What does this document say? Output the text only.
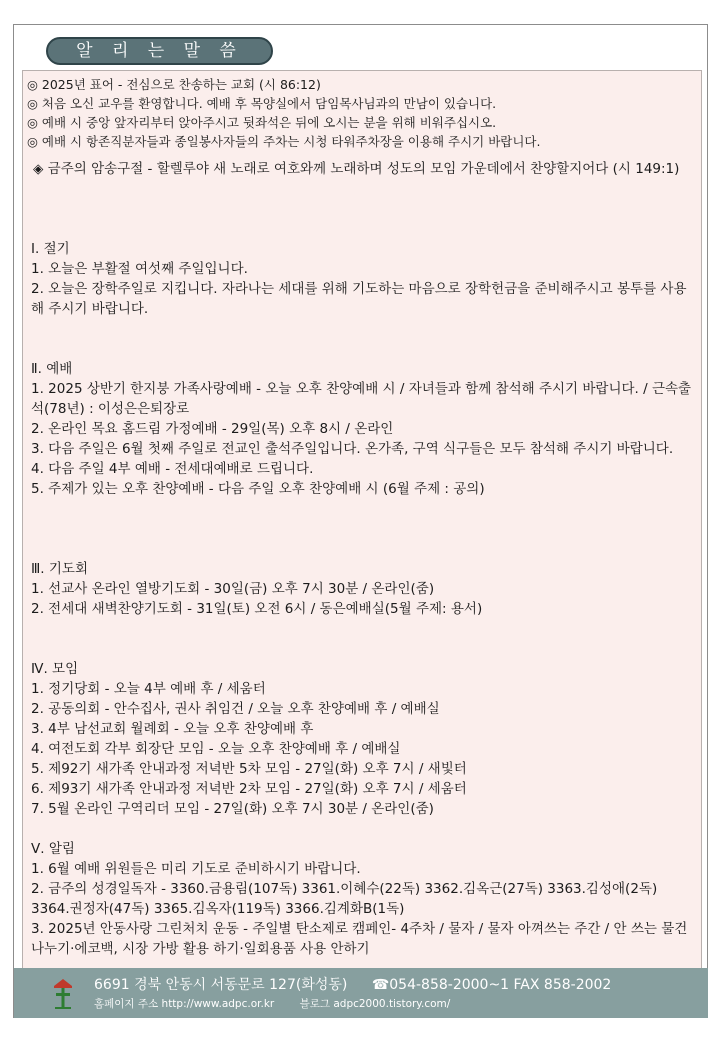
알 리 는 말 씀
◎ 2025년 표어 - 전심으로 찬송하는 교회 (시 86:12)
◎ 처음 오신 교우를 환영합니다. 예배 후 목양실에서 담임목사님과의 만남이 있습니다.
◎ 예배 시 중앙 앞자리부터 앉아주시고 뒷좌석은 뒤에 오시는 분을 위해 비워주십시오.
◎ 예배 시 항존직분자들과 종일봉사자들의 주차는 시청 타워주차장을 이용해 주시기 바랍니다.
◈ 금주의 암송구절 - 할렐루야 새 노래로 여호와께 노래하며 성도의 모임 가운데에서 찬양할지어다 (시 149:1)
Ⅰ. 절기
1. 오늘은 부활절 여섯째 주일입니다.
2. 오늘은 장학주일로 지킵니다. 자라나는 세대를 위해 기도하는 마음으로 장학헌금을 준비해주시고 봉투를 사용해 주시기 바랍니다.
Ⅱ. 예배
1. 2025 상반기 한지붕 가족사랑예배 - 오늘 오후 찬양예배 시 / 자녀들과 함께 참석해 주시기 바랍니다. / 근속출석(78년) : 이성은은퇴장로
2. 온라인 목요 홈드림 가정예배 - 29일(목) 오후 8시 / 온라인
3. 다음 주일은 6월 첫째 주일로 전교인 출석주일입니다. 온가족, 구역 식구들은 모두 참석해 주시기 바랍니다.
4. 다음 주일 4부 예배 - 전세대예배로 드립니다.
5. 주제가 있는 오후 찬양예배 - 다음 주일 오후 찬양예배 시 (6월 주제 : 공의)
Ⅲ. 기도회
1. 선교사 온라인 열방기도회 - 30일(금) 오후 7시 30분 / 온라인(줌)
2. 전세대 새벽찬양기도회 - 31일(토) 오전 6시 / 동은예배실(5월 주제: 용서)
Ⅳ. 모임
1. 정기당회 - 오늘 4부 예배 후 / 세움터
2. 공동의회 - 안수집사, 권사 취임건 / 오늘 오후 찬양예배 후 / 예배실
3. 4부 남선교회 월례회 - 오늘 오후 찬양예배 후
4. 여전도회 각부 회장단 모임 - 오늘 오후 찬양예배 후 / 예배실
5. 제92기 새가족 안내과정 저녁반 5차 모임 - 27일(화) 오후 7시 / 새빛터
6. 제93기 새가족 안내과정 저녁반 2차 모임 - 27일(화) 오후 7시 / 세움터
7. 5월 온라인 구역리더 모임 - 27일(화) 오후 7시 30분 / 온라인(줌)
Ⅴ. 알림
1. 6월 예배 위원들은 미리 기도로 준비하시기 바랍니다.
2. 금주의 성경일독자 - 3360.금용림(107독) 3361.이혜수(22독) 3362.김옥근(27독) 3363.김성애(2독) 3364.권정자(47독) 3365.김옥자(119독) 3366.김계화B(1독)
3. 2025년 안동사랑 그린처치 운동 - 주일별 탄소제로 캠페인- 4주차 / 물자 / 물자 아껴쓰는 주간 / 안 쓰는 물건 나누기·에코백, 시장 가방 활용 하기·일회용품 사용 안하기
6691 경북 안동시 서동문로 127(화성동) ☎054-858-2000~1 FAX 858-2002
홈페이지 주소 http://www.adpc.or.kr 블로그 adpc2000.tistory.com/
